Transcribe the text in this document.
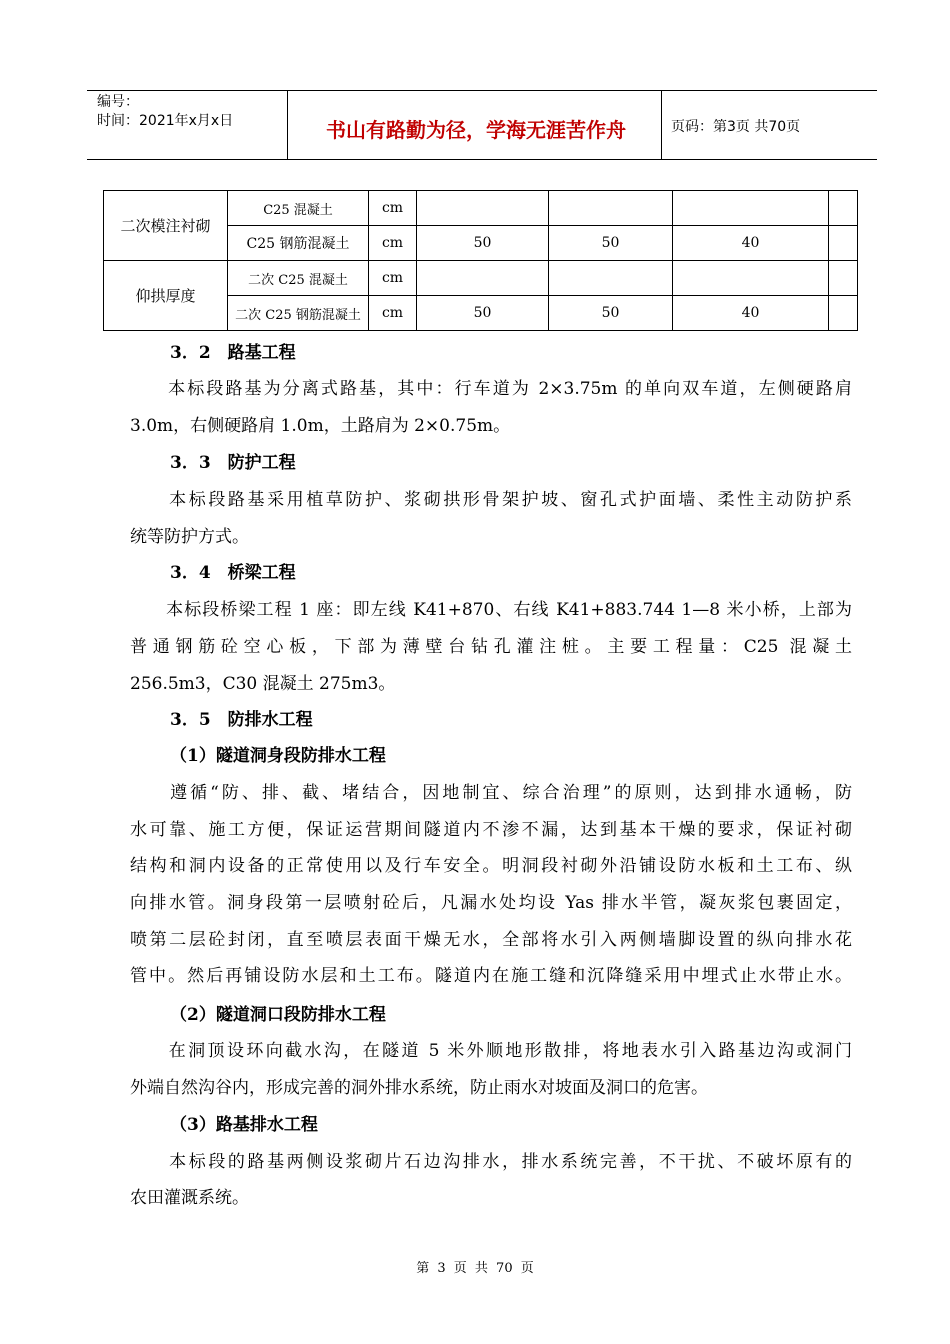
编号：
时间：2021年x月x日	书山有路勤为径，学海无涯苦作舟	页码：第3页 共70页
二次模注衬砌	C25 混凝土	cm				
	C25 钢筋混凝土	cm	50	50	40	
仰拱厚度	二次 C25 混凝土	cm				
	二次 C25 钢筋混凝土	cm	50	50	40	
3．2　路基工程
　　本标段路基为分离式路基，其中：行车道为 2×3.75m 的单向双车道，左侧硬路肩
3.0m，右侧硬路肩 1.0m，土路肩为 2×0.75m。
3．3　防护工程
　　本标段路基采用植草防护、浆砌拱形骨架护坡、窗孔式护面墙、柔性主动防护系
统等防护方式。
3．4　桥梁工程
　　本标段桥梁工程 1 座：即左线 K41+870、右线 K41+883.744 1—8 米小桥，上部为
普通钢筋砼空心板，下部为薄壁台钻孔灌注桩。主要工程量：C25 混凝土
256.5m3，C30 混凝土 275m3。
3．5　防排水工程
（1）隧道洞身段防排水工程
　　遵循“防、排、截、堵结合，因地制宜、综合治理”的原则，达到排水通畅，防
水可靠、施工方便，保证运营期间隧道内不渗不漏，达到基本干燥的要求，保证衬砌
结构和洞内设备的正常使用以及行车安全。明洞段衬砌外沿铺设防水板和土工布、纵
向排水管。洞身段第一层喷射砼后，凡漏水处均设 Yas 排水半管，凝灰浆包裹固定，
喷第二层砼封闭，直至喷层表面干燥无水，全部将水引入两侧墙脚设置的纵向排水花
管中。然后再铺设防水层和土工布。隧道内在施工缝和沉降缝采用中埋式止水带止水。
（2）隧道洞口段防排水工程
　　在洞顶设环向截水沟，在隧道 5 米外顺地形散排，将地表水引入路基边沟或洞门
外端自然沟谷内，形成完善的洞外排水系统，防止雨水对坡面及洞口的危害。
（3）路基排水工程
　　本标段的路基两侧设浆砌片石边沟排水，排水系统完善，不干扰、不破坏原有的
农田灌溉系统。
第 3 页 共 70 页
